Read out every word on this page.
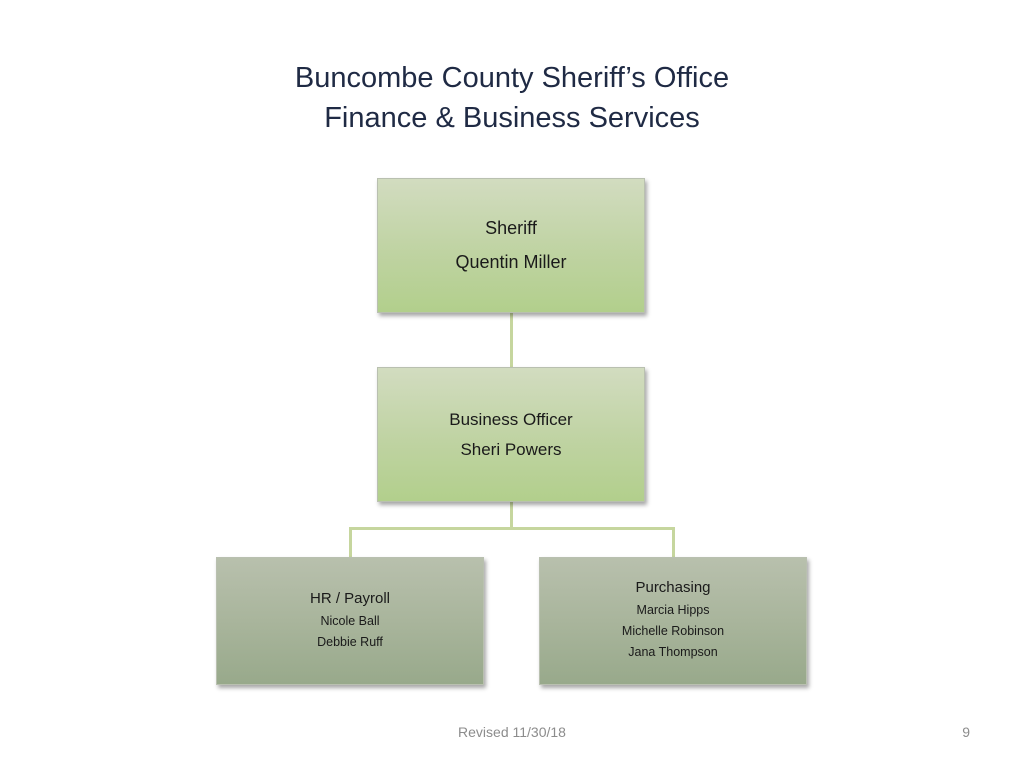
Buncombe County Sheriff’s Office
Finance & Business Services
Sheriff
Quentin Miller
Business Officer
Sheri Powers
HR / Payroll
Nicole Ball
Debbie Ruff
Purchasing
Marcia Hipps
Michelle Robinson
Jana Thompson
Revised 11/30/18	9
